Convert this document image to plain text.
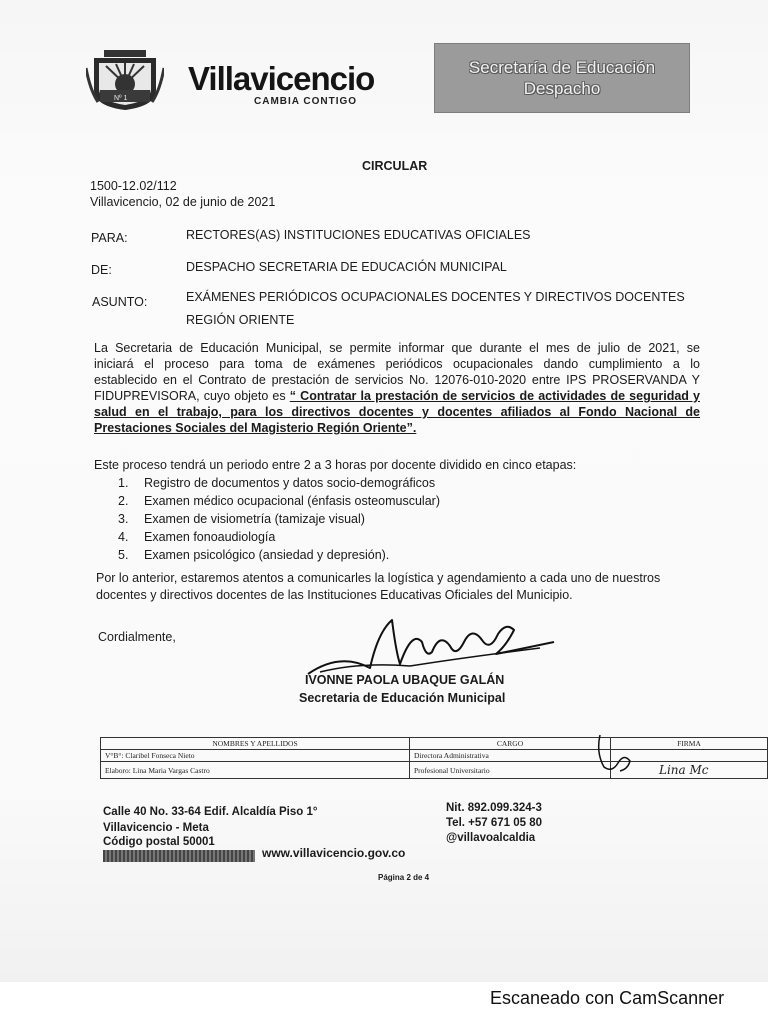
Nº 1
Villavicencio
CAMBIA CONTIGO
Secretaría de Educación
Despacho
CIRCULAR
1500-12.02/112
Villavicencio, 02 de junio de 2021
PARA:	RECTORES(AS) INSTITUCIONES EDUCATIVAS OFICIALES
DE:	DESPACHO SECRETARIA DE EDUCACIÓN MUNICIPAL
ASUNTO:	EXÁMENES PERIÓDICOS OCUPACIONALES DOCENTES Y DIRECTIVOS DOCENTES
REGIÓN ORIENTE
La Secretaria de Educación Municipal, se permite informar que durante el mes de julio de 2021, se
iniciará el proceso para toma de exámenes periódicos ocupacionales dando cumplimiento a lo
establecido en el Contrato de prestación de servicios No. 12076-010-2020 entre IPS PROSERVANDA Y
FIDUPREVISORA, cuyo objeto es “ Contratar la prestación de servicios de actividades de seguridad y
salud en el trabajo, para los directivos docentes y docentes afiliados al Fondo Nacional de
Prestaciones Sociales del Magisterio Región Oriente”.
Este proceso tendrá un periodo entre 2 a 3 horas por docente dividido en cinco etapas:
1. Registro de documentos y datos socio-demográficos
2. Examen médico ocupacional (énfasis osteomuscular)
3. Examen de visiometría (tamizaje visual)
4. Examen fonoaudiología
5. Examen psicológico (ansiedad y depresión).
Por lo anterior, estaremos atentos a comunicarles la logística y agendamiento a cada uno de nuestros
docentes y directivos docentes de las Instituciones Educativas Oficiales del Municipio.
Cordialmente,
IVONNE PAOLA UBAQUE GALÁN
Secretaria de Educación Municipal
NOMBRES Y APELLIDOS	CARGO	FIRMA
V°B°: Claribel Fonseca Nieto	Directora Administrativa	
Elaboro: Lina Maria Vargas Castro	Profesional Universitario	Lina Mc
Calle 40 No. 33-64 Edif. Alcaldía Piso 1°
Villavicencio - Meta
Código postal 50001
www.villavicencio.gov.co
Nit. 892.099.324-3
Tel. +57 671 05 80
@villavoalcaldia
Página 2 de 4
Escaneado con CamScanner
